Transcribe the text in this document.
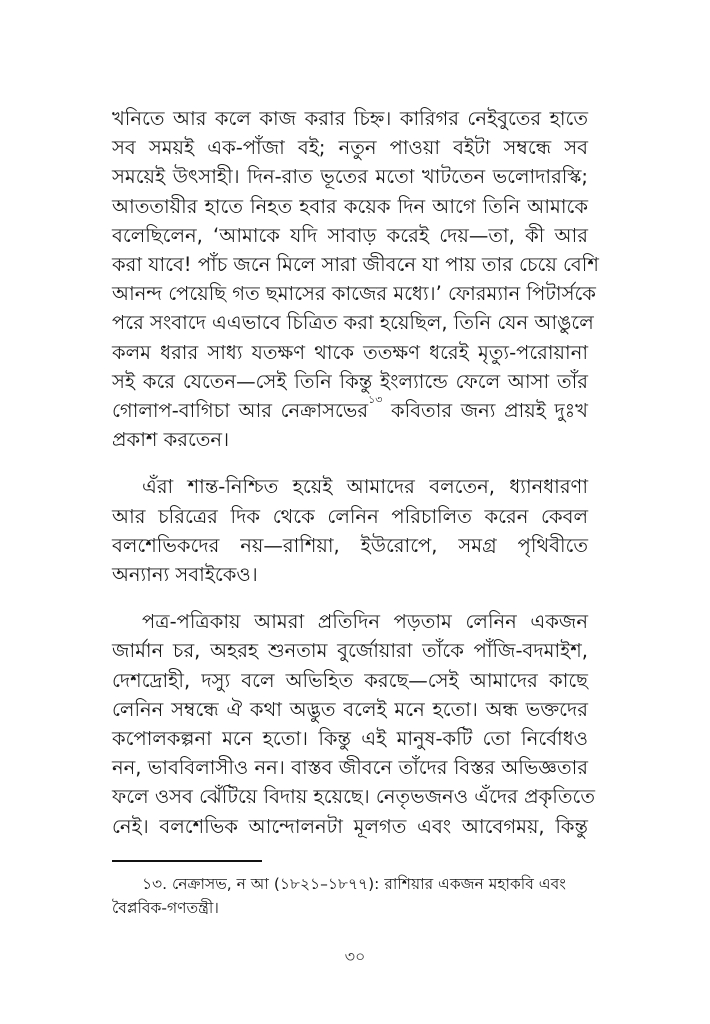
খনিতে আর কলে কাজ করার চিহ্ন। কারিগর নেইবুতের হাতে
সব সময়ই এক-পাঁজা বই; নতুন পাওয়া বইটা সম্বন্ধে সব
সময়েই উৎসাহী। দিন-রাত ভূতের মতো খাটতেন ভলোদারস্কি;
আততায়ীর হাতে নিহত হবার কয়েক দিন আগে তিনি আমাকে
বলেছিলেন, ‘আমাকে যদি সাবাড় করেই দেয়—তা, কী আর
করা যাবে! পাঁচ জনে মিলে সারা জীবনে যা পায় তার চেয়ে বেশি
আনন্দ পেয়েছি গত ছমাসের কাজের মধ্যে।’ ফোরম্যান পিটার্সকে
পরে সংবাদে এএভাবে চিত্রিত করা হয়েছিল, তিনি যেন আঙুলে
কলম ধরার সাধ্য যতক্ষণ থাকে ততক্ষণ ধরেই মৃত্যু-পরোয়ানা
সই করে যেতেন—সেই তিনি কিন্তু ইংল্যান্ডে ফেলে আসা তাঁর
গোলাপ-বাগিচা আর নেক্রাসভের$^{১৩}$ কবিতার জন্য প্রায়ই দুঃখ
প্রকাশ করতেন।
এঁরা শান্ত-নিশ্চিত হয়েই আমাদের বলতেন, ধ্যানধারণা
আর চরিত্রের দিক থেকে লেনিন পরিচালিত করেন কেবল
বলশেভিকদের নয়—রাশিয়া, ইউরোপে, সমগ্র পৃথিবীতে
অন্যান্য সবাইকেও।
পত্র-পত্রিকায় আমরা প্রতিদিন পড়তাম লেনিন একজন
জার্মান চর, অহরহ শুনতাম বুর্জোয়ারা তাঁকে পাঁজি-বদমাইশ,
দেশদ্রোহী, দস্যু বলে অভিহিত করছে—সেই আমাদের কাছে
লেনিন সম্বন্ধে ঐ কথা অদ্ভুত বলেই মনে হতো। অন্ধ ভক্তদের
কপোলকল্পনা মনে হতো। কিন্তু এই মানুষ-কটি তো নির্বোধও
নন, ভাববিলাসীও নন। বাস্তব জীবনে তাঁদের বিস্তর অভিজ্ঞতার
ফলে ওসব ঝেঁটিয়ে বিদায় হয়েছে। নেতৃভজনও এঁদের প্রকৃতিতে
নেই। বলশেভিক আন্দোলনটা মূলগত এবং আবেগময়, কিন্তু
১৩. নেক্রাসভ, ন আ (১৮২১–১৮৭৭): রাশিয়ার একজন মহাকবি এবং
বৈপ্লবিক-গণতন্ত্রী।
৩০
